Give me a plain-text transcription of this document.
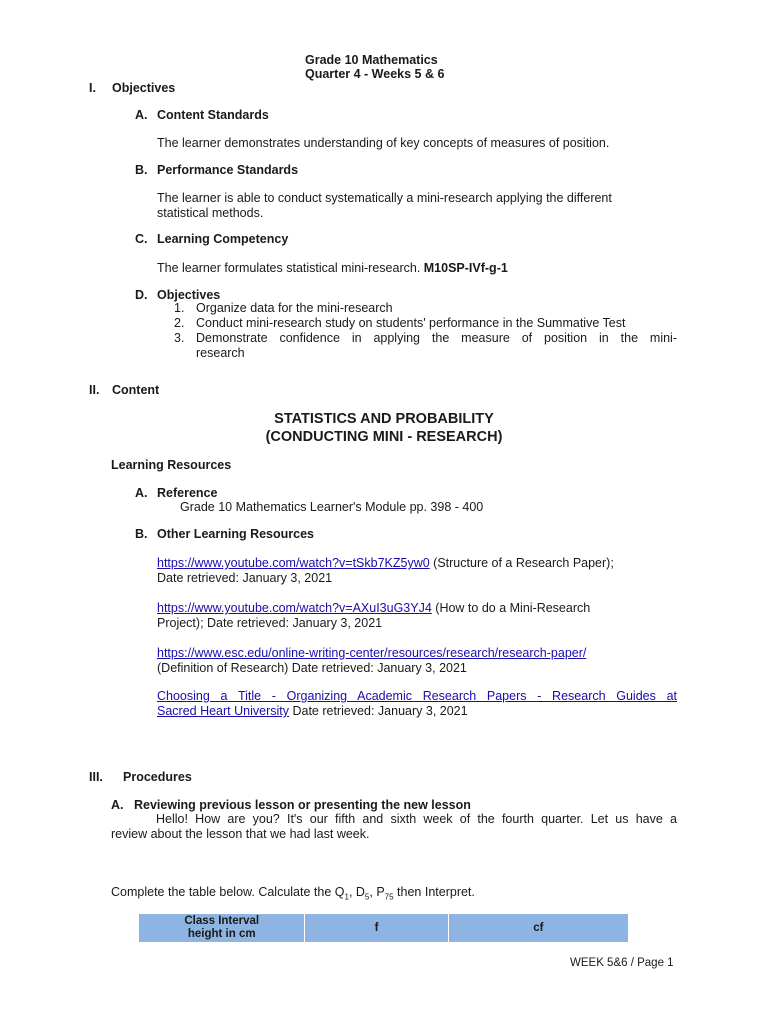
Grade 10 Mathematics
Quarter 4 - Weeks 5 & 6
I. Objectives
A. Content Standards
The learner demonstrates understanding of key concepts of measures of position.
B. Performance Standards
The learner is able to conduct systematically a mini-research applying the different
statistical methods.
C. Learning Competency
The learner formulates statistical mini-research. M10SP-IVf-g-1
D. Objectives
1. Organize data for the mini-research
2. Conduct mini-research study on students' performance in the Summative Test
3. Demonstrate confidence in applying the measure of position in the mini-
research
II. Content
STATISTICS AND PROBABILITY
(CONDUCTING MINI - RESEARCH)
Learning Resources
A. Reference
Grade 10 Mathematics Learner's Module pp. 398 - 400
B. Other Learning Resources
https://www.youtube.com/watch?v=tSkb7KZ5yw0 (Structure of a Research Paper);
Date retrieved: January 3, 2021
https://www.youtube.com/watch?v=AXuI3uG3YJ4 (How to do a Mini-Research
Project); Date retrieved: January 3, 2021
https://www.esc.edu/online-writing-center/resources/research/research-paper/
(Definition of Research) Date retrieved: January 3, 2021
Choosing a Title - Organizing Academic Research Papers - Research Guides at
Sacred Heart University Date retrieved: January 3, 2021
III. Procedures
A. Reviewing previous lesson or presenting the new lesson
Hello! How are you? It's our fifth and sixth week of the fourth quarter. Let us have a
review about the lesson that we had last week.
Complete the table below. Calculate the $Q_1$, $D_5$, $P_{75}$ then Interpret.
Class Interval
height in cm	f	cf
WEEK 5&6 / Page 1
